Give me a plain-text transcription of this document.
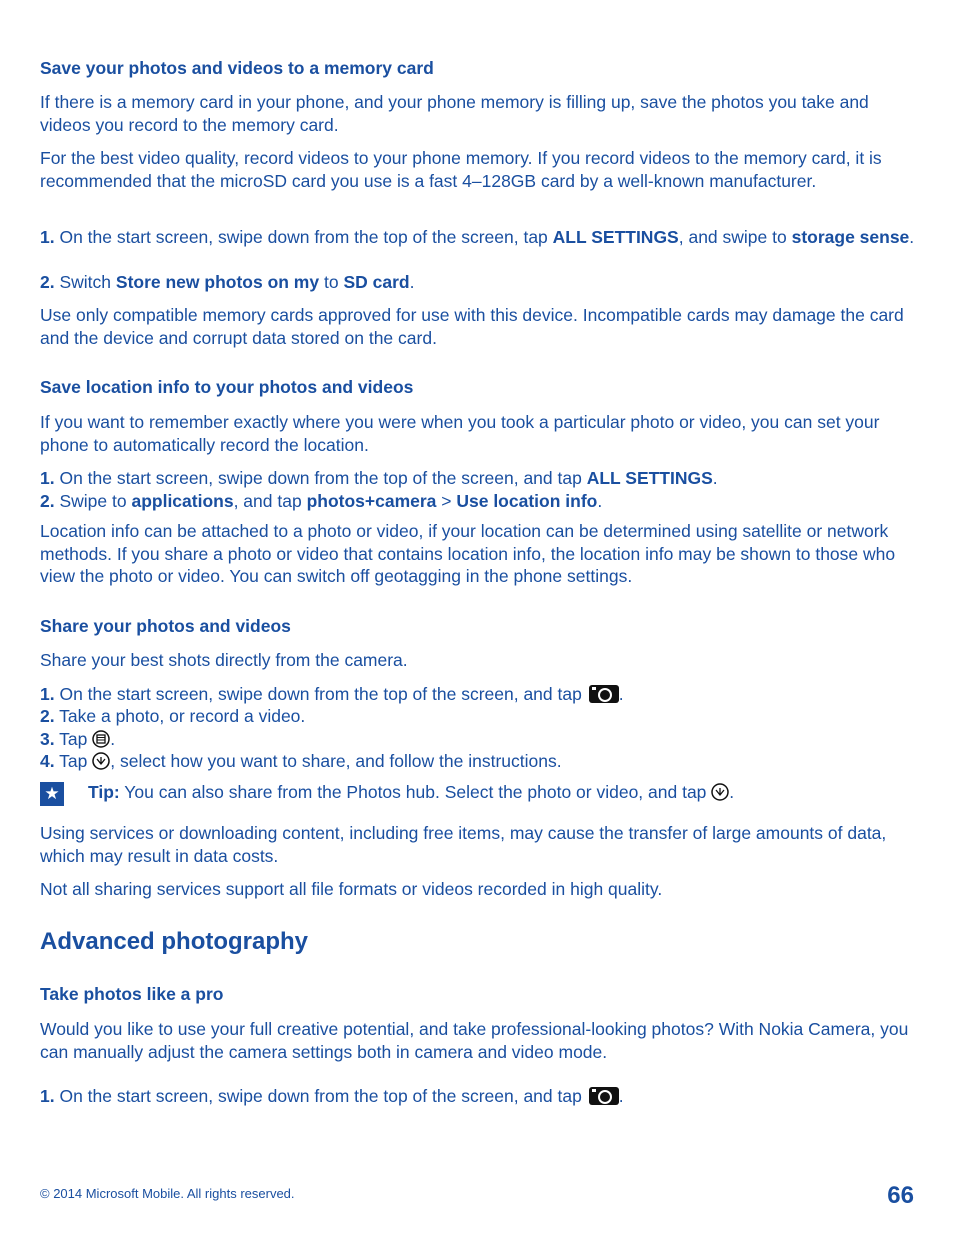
Save your photos and videos to a memory card

If there is a memory card in your phone, and your phone memory is filling up, save the photos you take and videos you record to the memory card.

For the best video quality, record videos to your phone memory. If you record videos to the memory card, it is recommended that the microSD card you use is a fast 4–128GB card by a well-known manufacturer.

1. On the start screen, swipe down from the top of the screen, tap ALL SETTINGS, and swipe to storage sense.

2. Switch Store new photos on my to SD card.

Use only compatible memory cards approved for use with this device. Incompatible cards may damage the card and the device and corrupt data stored on the card.

Save location info to your photos and videos

If you want to remember exactly where you were when you took a particular photo or video, you can set your phone to automatically record the location.

1. On the start screen, swipe down from the top of the screen, and tap ALL SETTINGS.

2. Swipe to applications, and tap photos+camera > Use location info.

Location info can be attached to a photo or video, if your location can be determined using satellite or network methods. If you share a photo or video that contains location info, the location info may be shown to those who view the photo or video. You can switch off geotagging in the phone settings.

Share your photos and videos

Share your best shots directly from the camera.

1. On the start screen, swipe down from the top of the screen, and tap .

2. Take a photo, or record a video.

3. Tap .

4. Tap , select how you want to share, and follow the instructions.

★ Tip: You can also share from the Photos hub. Select the photo or video, and tap .

Using services or downloading content, including free items, may cause the transfer of large amounts of data, which may result in data costs.

Not all sharing services support all file formats or videos recorded in high quality.

Advanced photography
Take photos like a pro

Would you like to use your full creative potential, and take professional-looking photos? With Nokia Camera, you can manually adjust the camera settings both in camera and video mode.

1. On the start screen, swipe down from the top of the screen, and tap .

© 2014 Microsoft Mobile. All rights reserved.	66
